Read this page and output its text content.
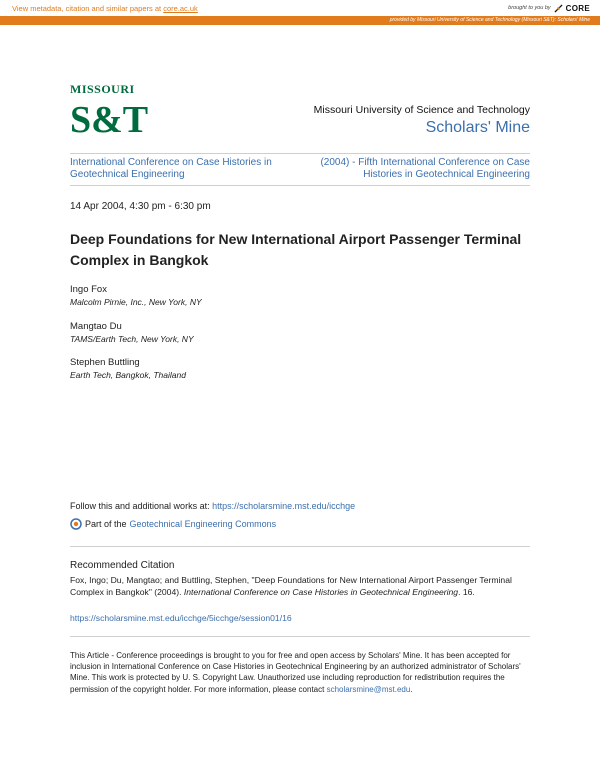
View metadata, citation and similar papers at core.ac.uk	brought to you by CORE
provided by Missouri University of Science and Technology (Missouri S&T): Scholars' Mine
MISSOURI
S&T	Missouri University of Science and Technology
Scholars' Mine
International Conference on Case Histories in Geotechnical Engineering
(2004) - Fifth International Conference on Case Histories in Geotechnical Engineering
14 Apr 2004, 4:30 pm - 6:30 pm
Deep Foundations for New International Airport Passenger Terminal Complex in Bangkok
Ingo Fox
Malcolm Pirnie, Inc., New York, NY
Mangtao Du
TAMS/Earth Tech, New York, NY
Stephen Buttling
Earth Tech, Bangkok, Thailand
Follow this and additional works at: https://scholarsmine.mst.edu/icchge
Part of the Geotechnical Engineering Commons
Recommended Citation
Fox, Ingo; Du, Mangtao; and Buttling, Stephen, "Deep Foundations for New International Airport Passenger Terminal Complex in Bangkok" (2004). International Conference on Case Histories in Geotechnical Engineering. 16.
https://scholarsmine.mst.edu/icchge/5icchge/session01/16
This Article - Conference proceedings is brought to you for free and open access by Scholars' Mine. It has been accepted for inclusion in International Conference on Case Histories in Geotechnical Engineering by an authorized administrator of Scholars' Mine. This work is protected by U. S. Copyright Law. Unauthorized use including reproduction for redistribution requires the permission of the copyright holder. For more information, please contact scholarsmine@mst.edu.
